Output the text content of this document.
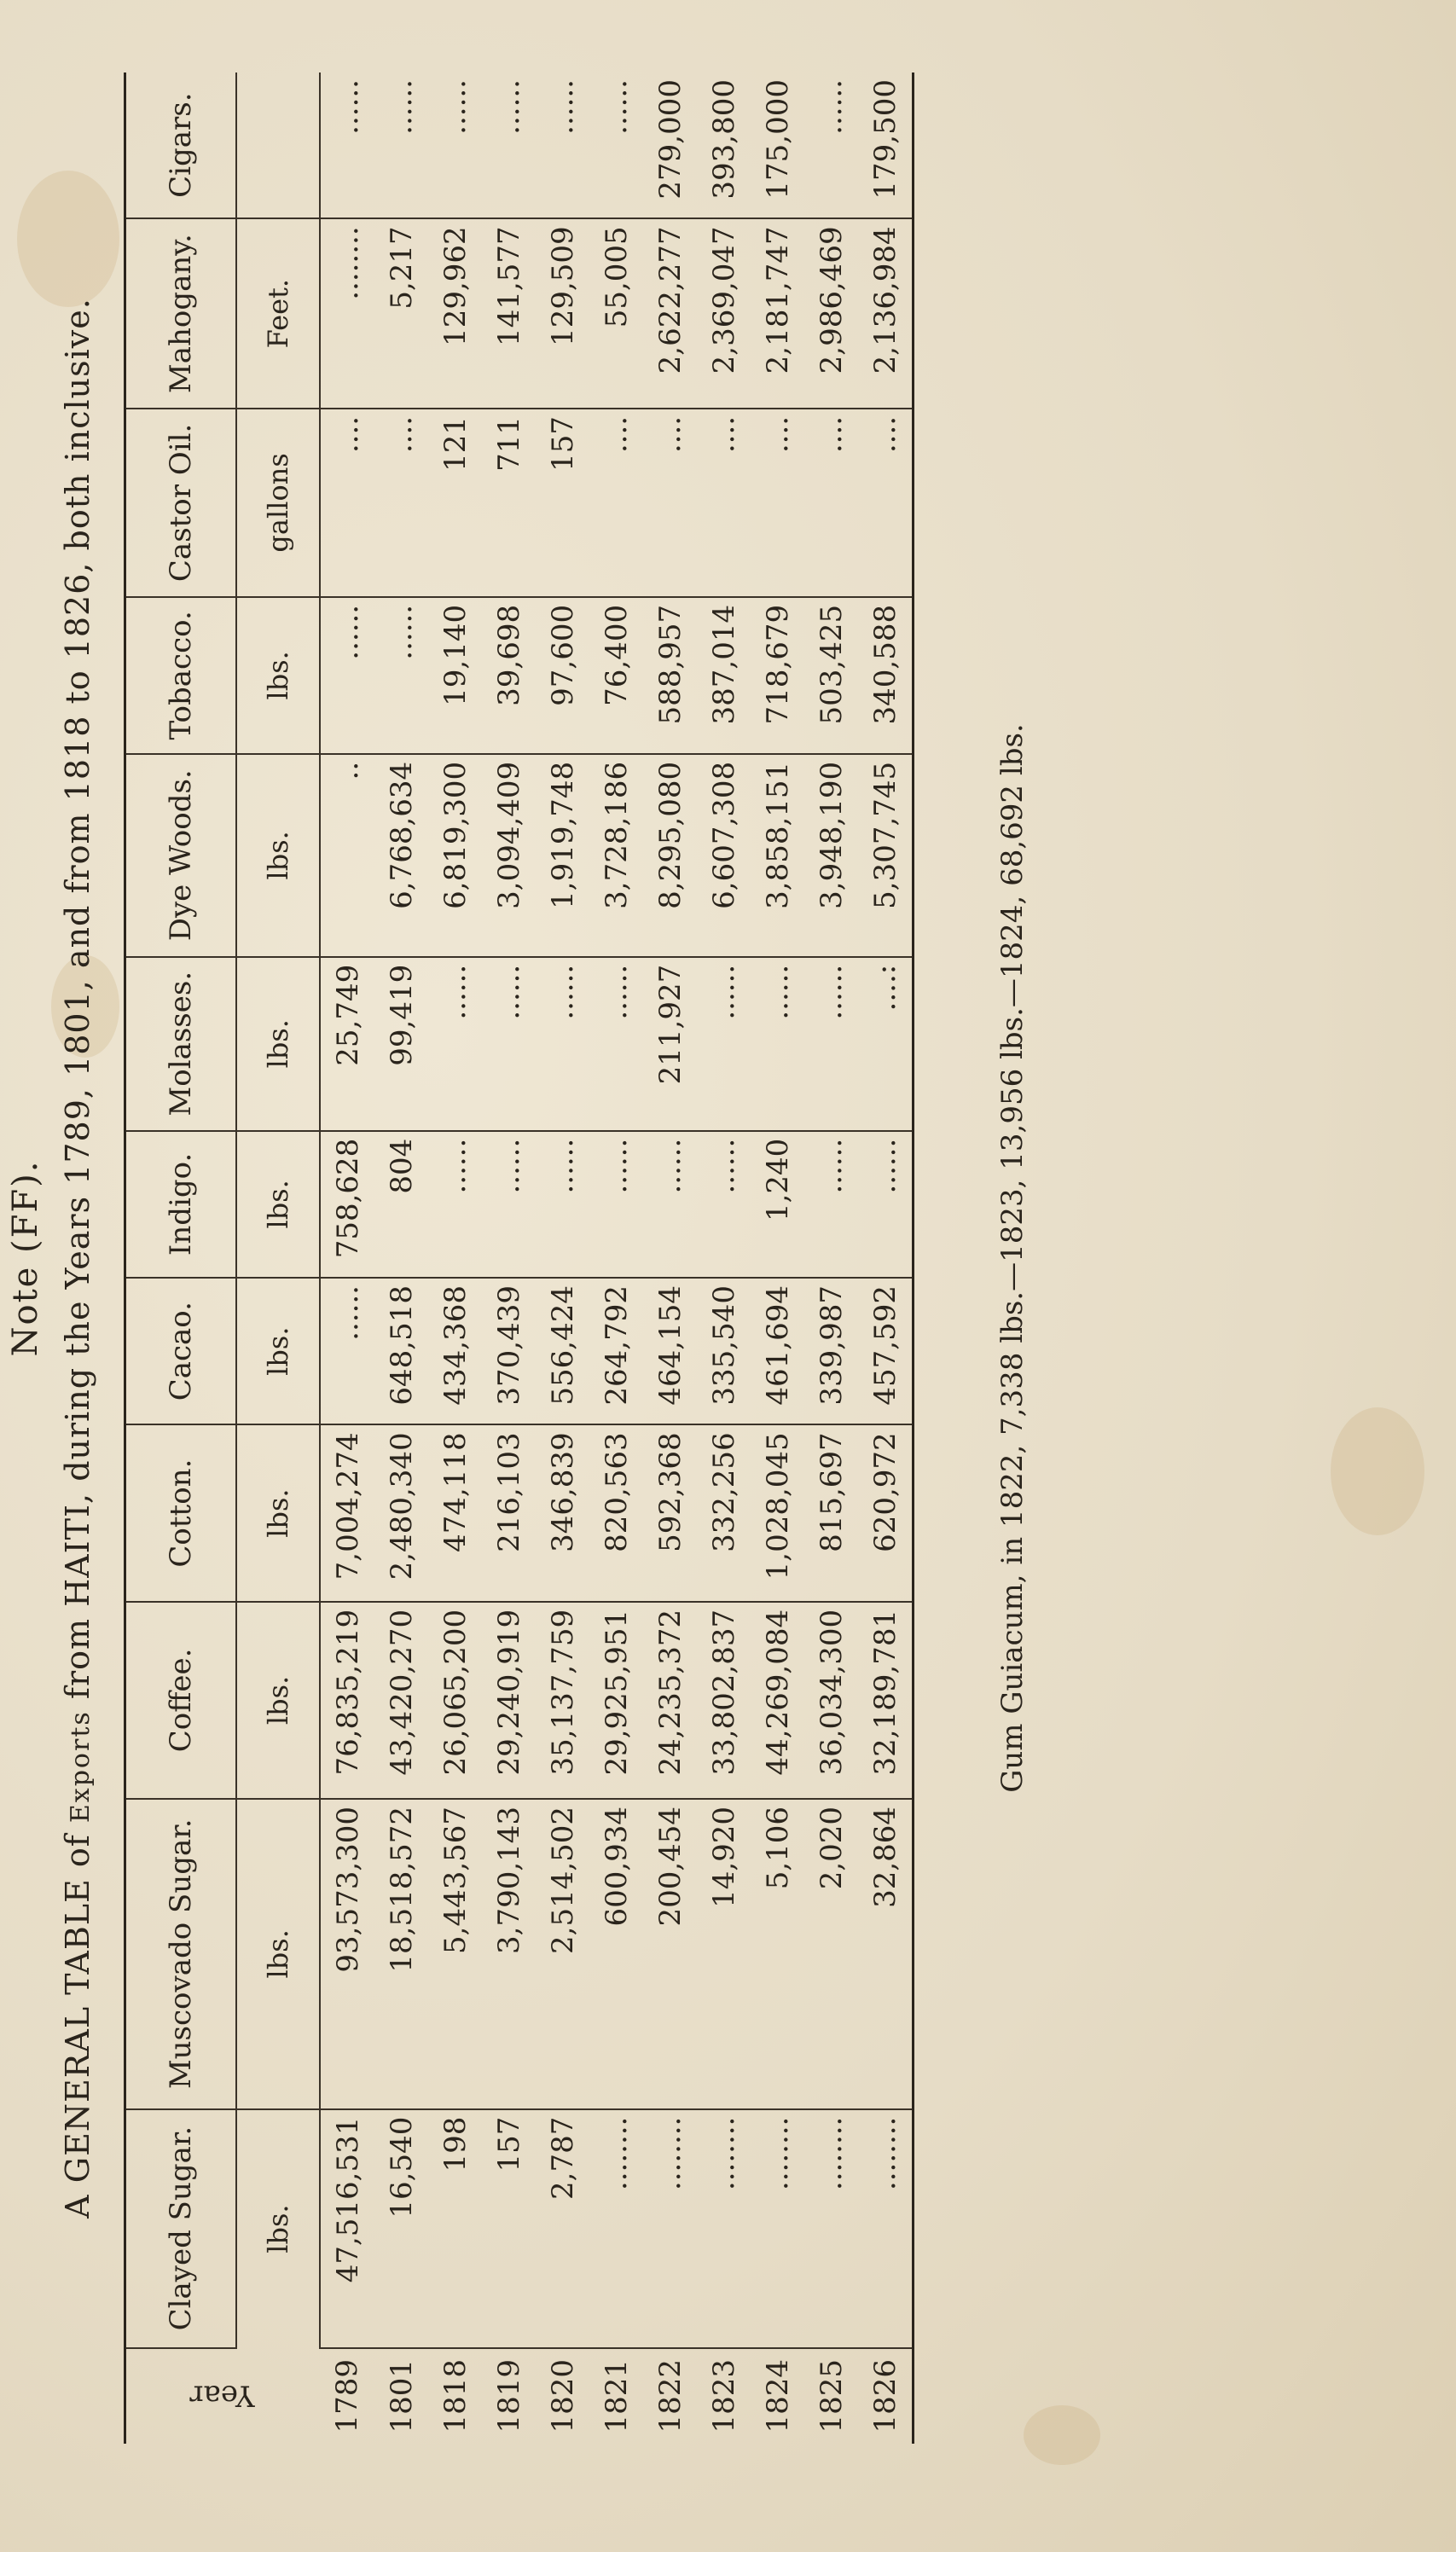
Note (FF).
A GENERAL TABLE of Exports from HAITI, during the Years 1789, 1801, and from 1818 to 1826, both inclusive.
Year	Clayed Sugar.	Muscovado Sugar.	Coffee.	Cotton.	Cacao.	Indigo.	Molasses.	Dye Woods.	Tobacco.	Castor Oil.	Mahogany.	Cigars.
	lbs.	lbs.	lbs.	lbs.	lbs.	lbs.	lbs.	lbs.	lbs.	gallons	Feet.	
1789	47,516,531	93,573,300	76,835,219	7,004,274	......	758,628	25,749	..	......	....	........	......
1801	16,540	18,518,572	43,420,270	2,480,340	648,518	804	99,419	6,768,634	......	....	5,217	......
1818	198	5,443,567	26,065,200	474,118	434,368	......	......	6,819,300	19,140	121	129,962	......
1819	157	3,790,143	29,240,919	216,103	370,439	......	......	3,094,409	39,698	711	141,577	......
1820	2,787	2,514,502	35,137,759	346,839	556,424	......	......	1,919,748	97,600	157	129,509	......
1821	........	600,934	29,925,951	820,563	264,792	......	......	3,728,186	76,400	....	55,005	......
1822	........	200,454	24,235,372	592,368	464,154	......	211,927	8,295,080	588,957	....	2,622,277	279,000
1823	........	14,920	33,802,837	332,256	335,540	......	......	6,607,308	387,014	....	2,369,047	393,800
1824	........	5,106	44,269,084	1,028,045	461,694	1,240	......	3,858,151	718,679	....	2,181,747	175,000
1825	........	2,020	36,034,300	815,697	339,987	......	......	3,948,190	503,425	....	2,986,469	......
1826	........	32,864	32,189,781	620,972	457,592	......	....:	5,307,745	340,588	....	2,136,984	179,500
Gum Guiacum, in 1822, 7,338 lbs.—1823, 13,956 lbs.—1824, 68,692 lbs.
